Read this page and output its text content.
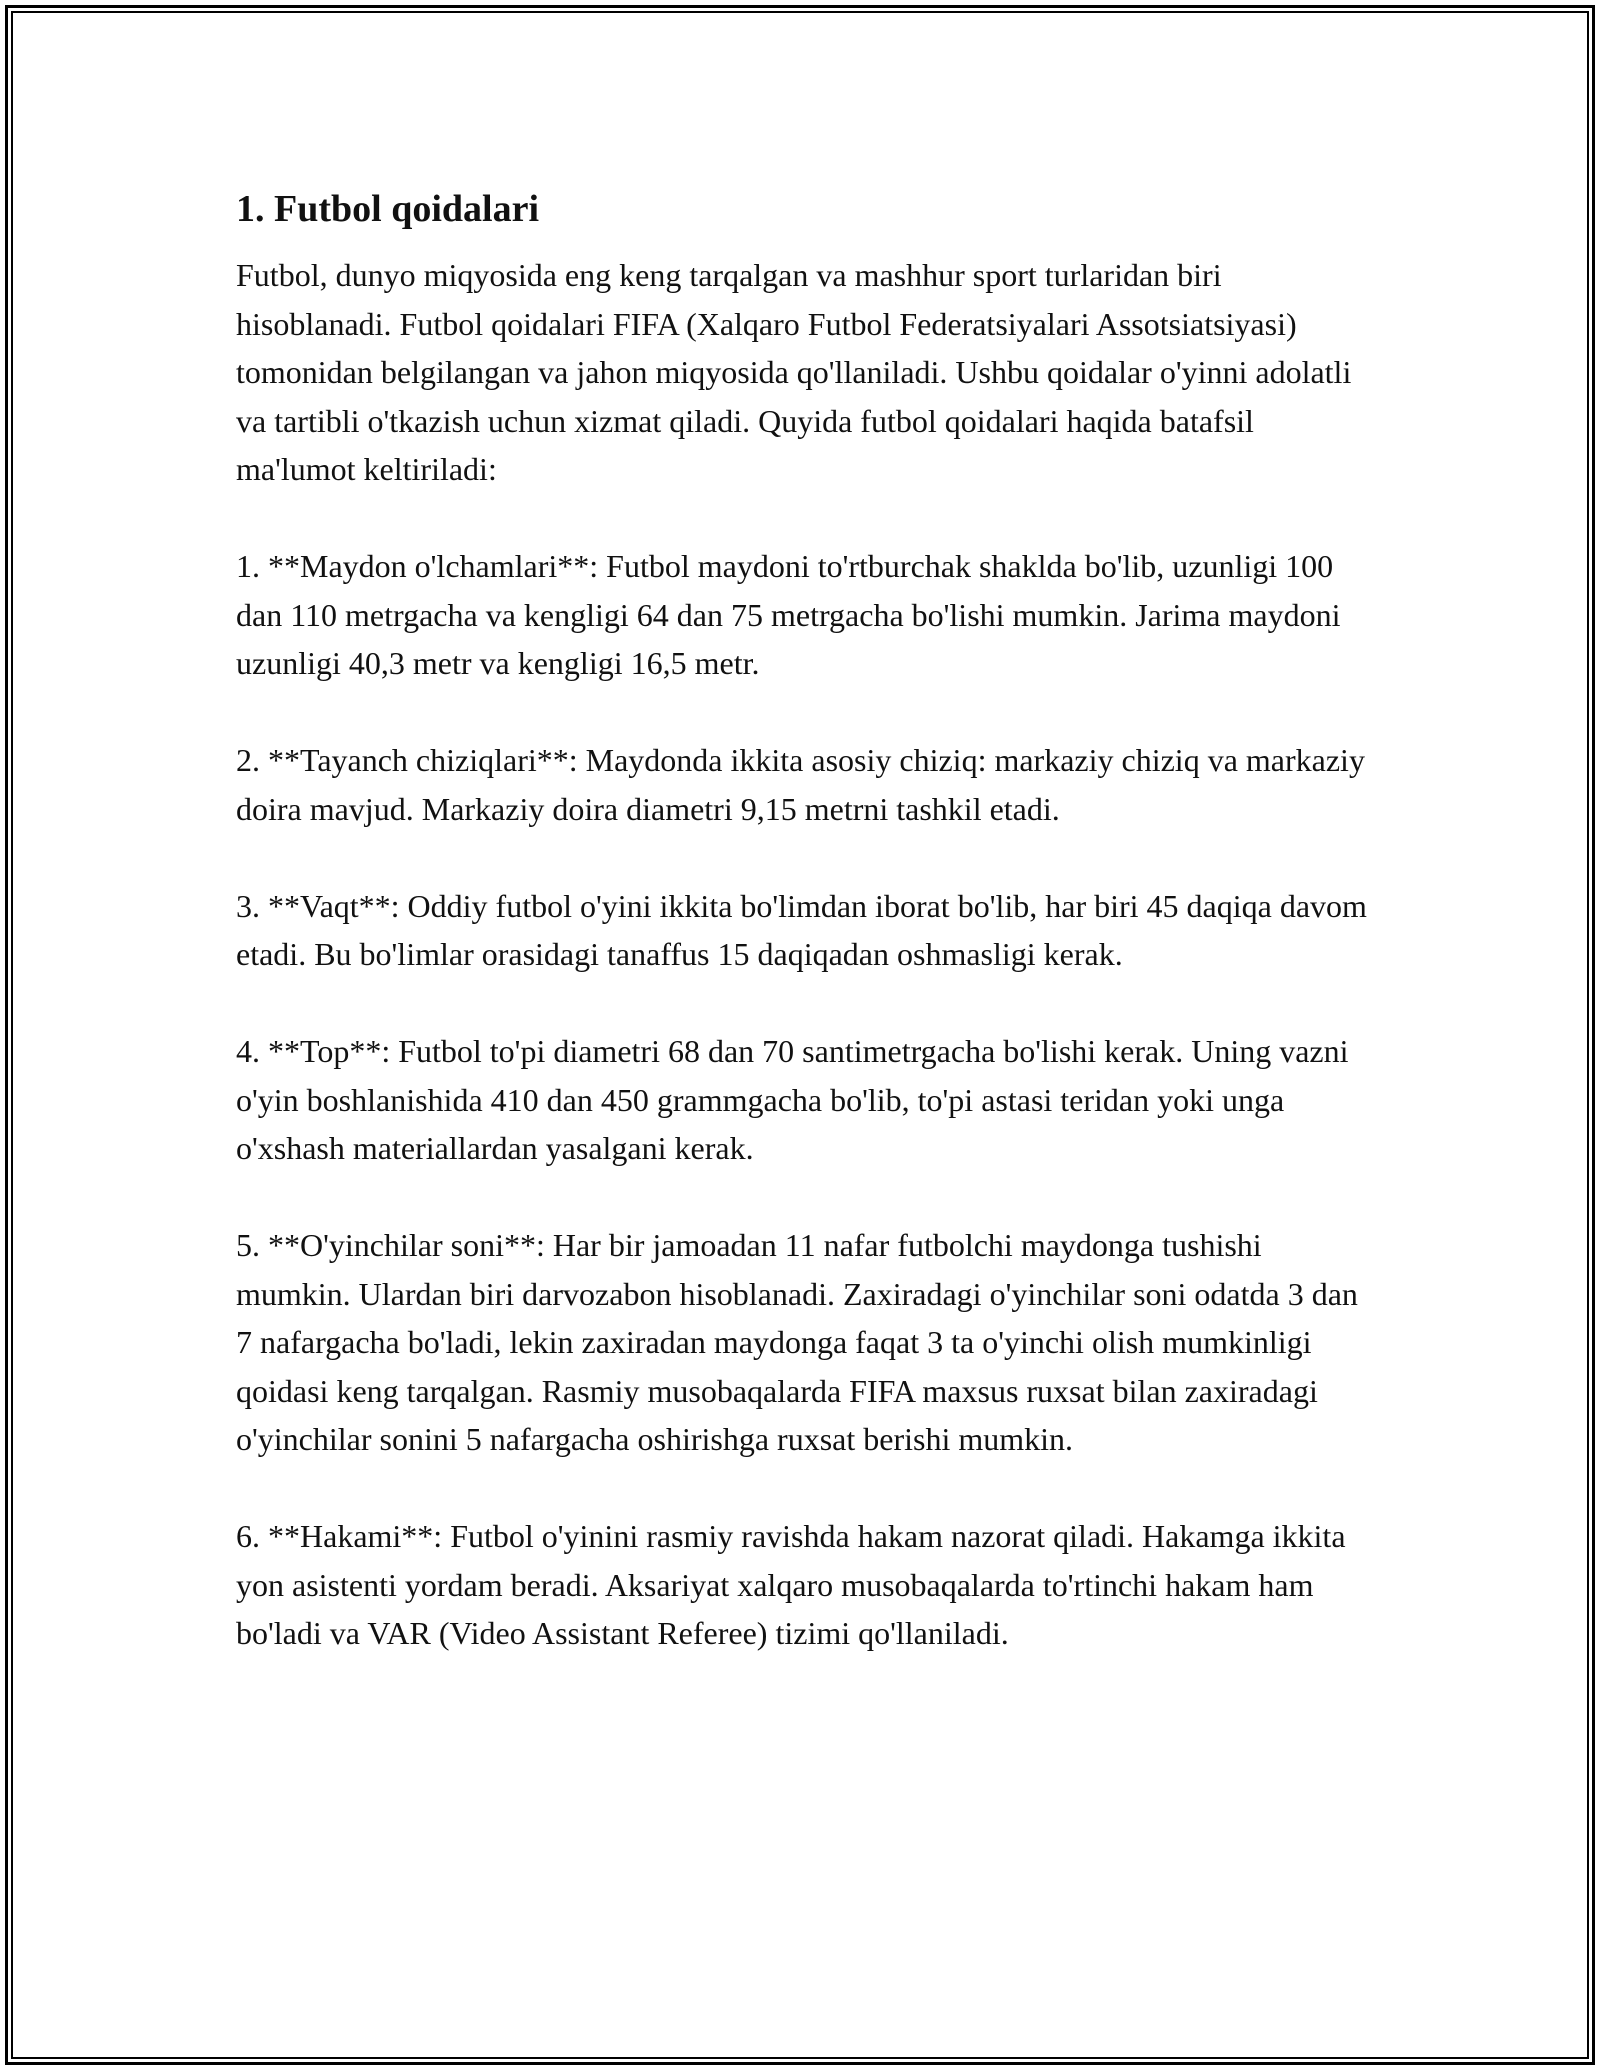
1. Futbol qoidalari

Futbol, dunyo miqyosida eng keng tarqalgan va mashhur sport turlaridan biri hisoblanadi. Futbol qoidalari FIFA (Xalqaro Futbol Federatsiyalari Assotsiatsiyasi) tomonidan belgilangan va jahon miqyosida qo'llaniladi. Ushbu qoidalar o'yinni adolatli va tartibli o'tkazish uchun xizmat qiladi. Quyida futbol qoidalari haqida batafsil ma'lumot keltiriladi:

1. **Maydon o'lchamlari**: Futbol maydoni to'rtburchak shaklda bo'lib, uzunligi 100 dan 110 metrgacha va kengligi 64 dan 75 metrgacha bo'lishi mumkin. Jarima maydoni uzunligi 40,3 metr va kengligi 16,5 metr.

2. **Tayanch chiziqlari**: Maydonda ikkita asosiy chiziq: markaziy chiziq va markaziy doira mavjud. Markaziy doira diametri 9,15 metrni tashkil etadi.

3. **Vaqt**: Oddiy futbol o'yini ikkita bo'limdan iborat bo'lib, har biri 45 daqiqa davom etadi. Bu bo'limlar orasidagi tanaffus 15 daqiqadan oshmasligi kerak.

4. **Top**: Futbol to'pi diametri 68 dan 70 santimetrgacha bo'lishi kerak. Uning vazni o'yin boshlanishida 410 dan 450 grammgacha bo'lib, to'pi astasi teridan yoki unga o'xshash materiallardan yasalgani kerak.

5. **O'yinchilar soni**: Har bir jamoadan 11 nafar futbolchi maydonga tushishi mumkin. Ulardan biri darvozabon hisoblanadi. Zaxiradagi o'yinchilar soni odatda 3 dan 7 nafargacha bo'ladi, lekin zaxiradan maydonga faqat 3 ta o'yinchi olish mumkinligi qoidasi keng tarqalgan. Rasmiy musobaqalarda FIFA maxsus ruxsat bilan zaxiradagi o'yinchilar sonini 5 nafargacha oshirishga ruxsat berishi mumkin.

6. **Hakami**: Futbol o'yinini rasmiy ravishda hakam nazorat qiladi. Hakamga ikkita yon asistenti yordam beradi. Aksariyat xalqaro musobaqalarda to'rtinchi hakam ham bo'ladi va VAR (Video Assistant Referee) tizimi qo'llaniladi.
